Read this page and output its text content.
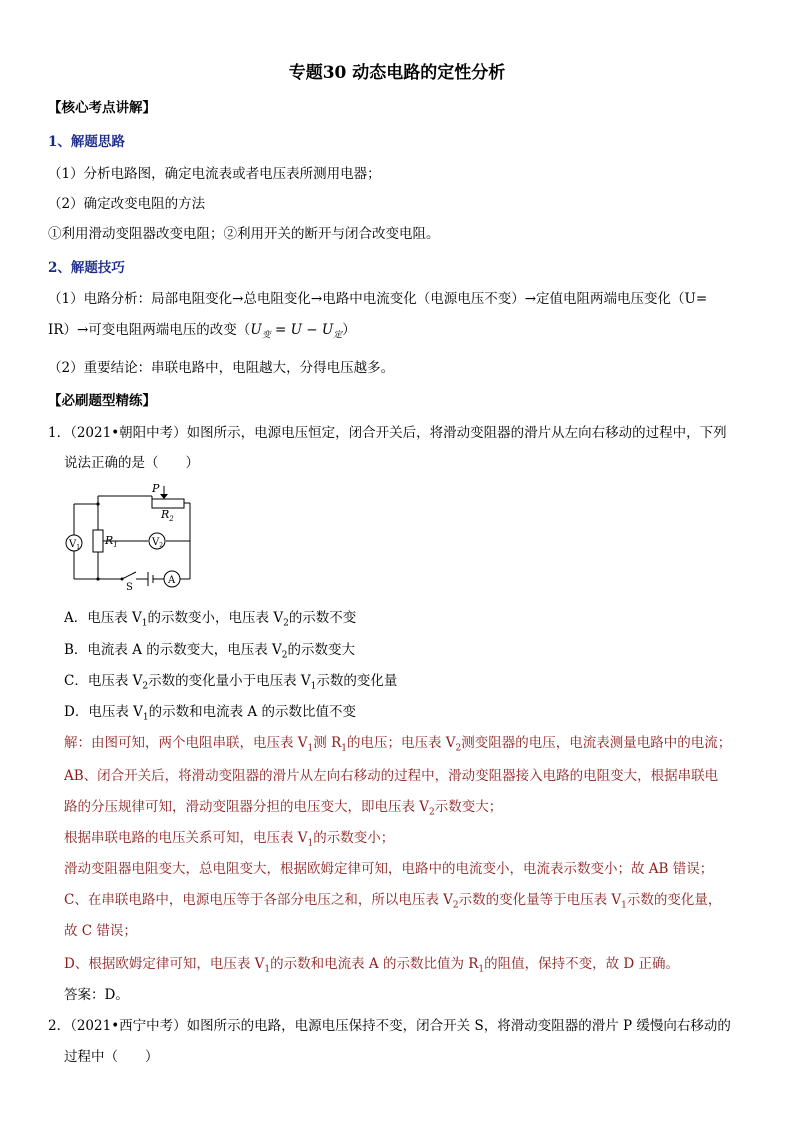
专题30 动态电路的定性分析
【核心考点讲解】
1、解题思路
（1）分析电路图，确定电流表或者电压表所测用电器；
（2）确定改变电阻的方法
①利用滑动变阻器改变电阻；②利用开关的断开与闭合改变电阻。
2、解题技巧
（1）电路分析：局部电阻变化→总电阻变化→电路中电流变化（电源电压不变）→定值电阻两端电压变化（U=
IR）→可变电阻两端电压的改变$(U_变 = U - U_定)$
（2）重要结论：串联电路中，电阻越大，分得电压越多。
【必刷题型精练】
1．（2021•朝阳中考）如图所示，电源电压恒定，闭合开关后，将滑动变阻器的滑片从左向右移动的过程中，下列
说法正确的是（　　）
P
$R_2$
$R_1$
$V_1$	$V_2$
A
S
A．电压表 $V_1$的示数变小，电压表 $V_2$的示数不变
B．电流表 A 的示数变大，电压表 $V_2$的示数变大
C．电压表 $V_2$示数的变化量小于电压表 $V_1$示数的变化量
D．电压表 $V_1$的示数和电流表 A 的示数比值不变
解：由图可知，两个电阻串联，电压表 $V_1$测 $R_1$的电压；电压表 $V_2$测变阻器的电压，电流表测量电路中的电流；
AB、闭合开关后，将滑动变阻器的滑片从左向右移动的过程中，滑动变阻器接入电路的电阻变大，根据串联电
路的分压规律可知，滑动变阻器分担的电压变大，即电压表 $V_2$示数变大；
根据串联电路的电压关系可知，电压表 $V_1$的示数变小；
滑动变阻器电阻变大，总电阻变大，根据欧姆定律可知，电路中的电流变小，电流表示数变小；故 AB 错误；
C、在串联电路中，电源电压等于各部分电压之和，所以电压表 $V_2$示数的变化量等于电压表 $V_1$示数的变化量，
故 C 错误；
D、根据欧姆定律可知，电压表 $V_1$的示数和电流表 A 的示数比值为 $R_1$的阻值，保持不变，故 D 正确。
答案：D。
2．（2021•西宁中考）如图所示的电路，电源电压保持不变，闭合开关 S，将滑动变阻器的滑片 P 缓慢向右移动的
过程中（　　）
